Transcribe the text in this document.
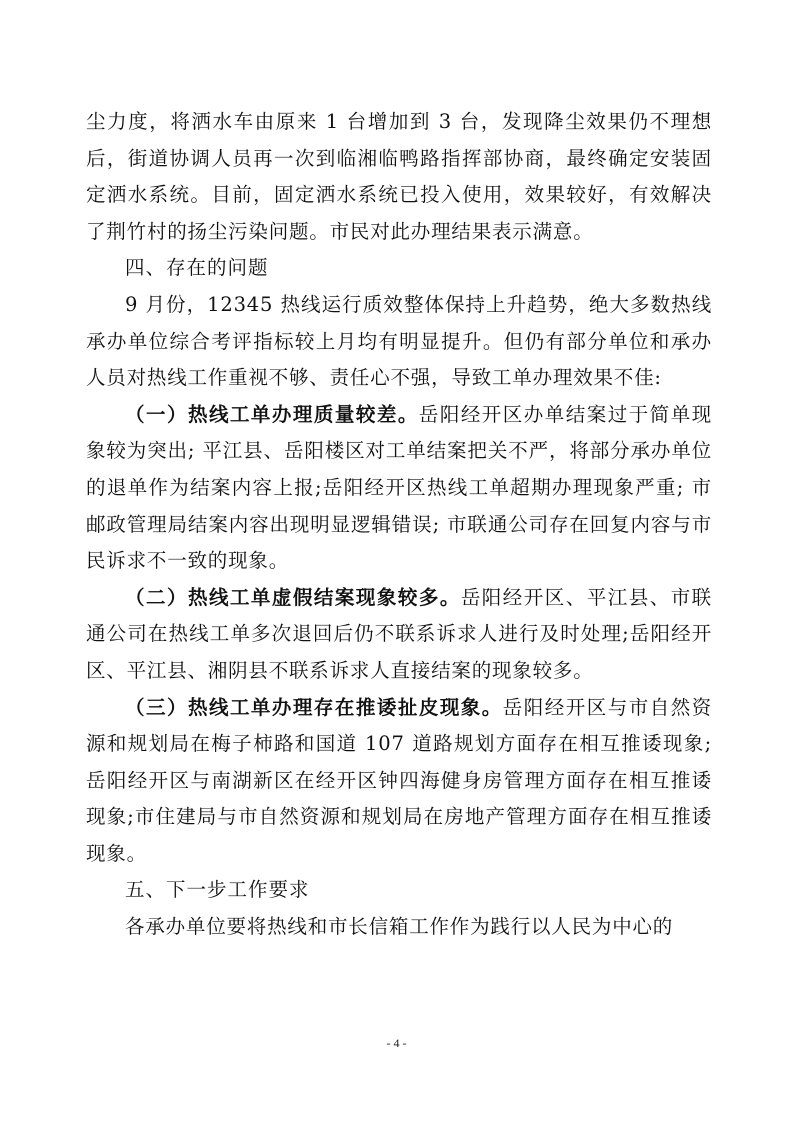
尘力度，将洒水车由原来 1 台增加到 3 台，发现降尘效果仍不理想后，街道协调人员再一次到临湘临鸭路指挥部协商，最终确定安装固定洒水系统。目前，固定洒水系统已投入使用，效果较好，有效解决了荆竹村的扬尘污染问题。市民对此办理结果表示满意。

四、存在的问题

9 月份，12345 热线运行质效整体保持上升趋势，绝大多数热线承办单位综合考评指标较上月均有明显提升。但仍有部分单位和承办人员对热线工作重视不够、责任心不强，导致工单办理效果不佳:

（一）热线工单办理质量较差。岳阳经开区办单结案过于简单现象较为突出; 平江县、岳阳楼区对工单结案把关不严，将部分承办单位的退单作为结案内容上报;岳阳经开区热线工单超期办理现象严重; 市邮政管理局结案内容出现明显逻辑错误; 市联通公司存在回复内容与市民诉求不一致的现象。

（二）热线工单虚假结案现象较多。岳阳经开区、平江县、市联通公司在热线工单多次退回后仍不联系诉求人进行及时处理;岳阳经开区、平江县、湘阴县不联系诉求人直接结案的现象较多。

（三）热线工单办理存在推诿扯皮现象。岳阳经开区与市自然资源和规划局在梅子柿路和国道 107 道路规划方面存在相互推诿现象;岳阳经开区与南湖新区在经开区钟四海健身房管理方面存在相互推诿现象;市住建局与市自然资源和规划局在房地产管理方面存在相互推诿现象。

五、下一步工作要求

各承办单位要将热线和市长信箱工作作为践行以人民为中心的

- 4 -
